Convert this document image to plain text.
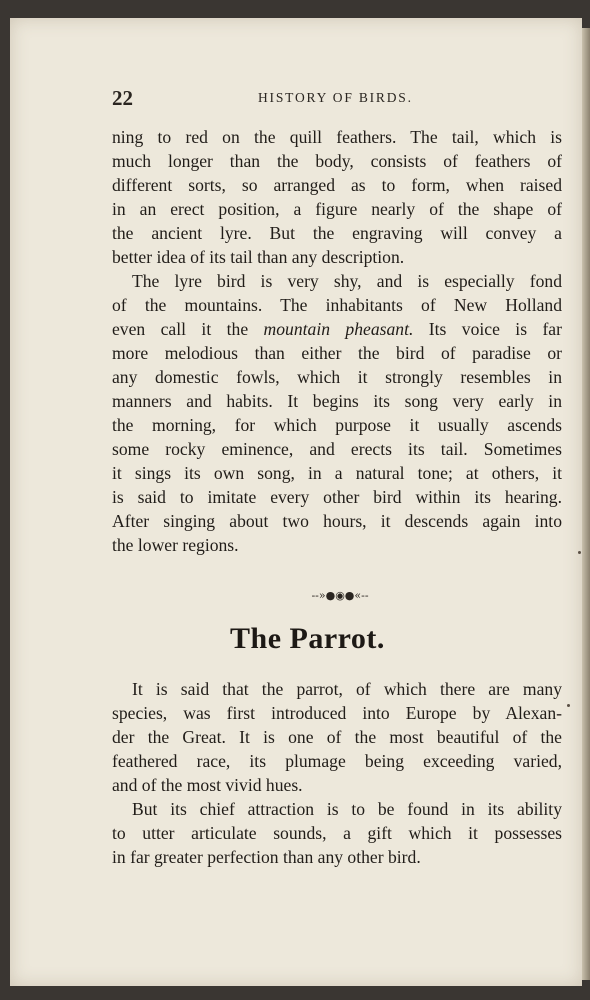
22	HISTORY OF BIRDS.
ning to red on the quill feathers. The tail, which is
much longer than the body, consists of feathers of
different sorts, so arranged as to form, when raised
in an erect position, a figure nearly of the shape of
the ancient lyre. But the engraving will convey a
better idea of its tail than any description.
The lyre bird is very shy, and is especially fond
of the mountains. The inhabitants of New Holland
even call it the mountain pheasant. Its voice is far
more melodious than either the bird of paradise or
any domestic fowls, which it strongly resembles in
manners and habits. It begins its song very early in
the morning, for which purpose it usually ascends
some rocky eminence, and erects its tail. Sometimes
it sings its own song, in a natural tone; at others, it
is said to imitate every other bird within its hearing.
After singing about two hours, it descends again into
the lower regions.
--»●◉●«--
The Parrot.
It is said that the parrot, of which there are many
species, was first introduced into Europe by Alexan-
der the Great. It is one of the most beautiful of the
feathered race, its plumage being exceeding varied,
and of the most vivid hues.
But its chief attraction is to be found in its ability
to utter articulate sounds, a gift which it possesses
in far greater perfection than any other bird.
